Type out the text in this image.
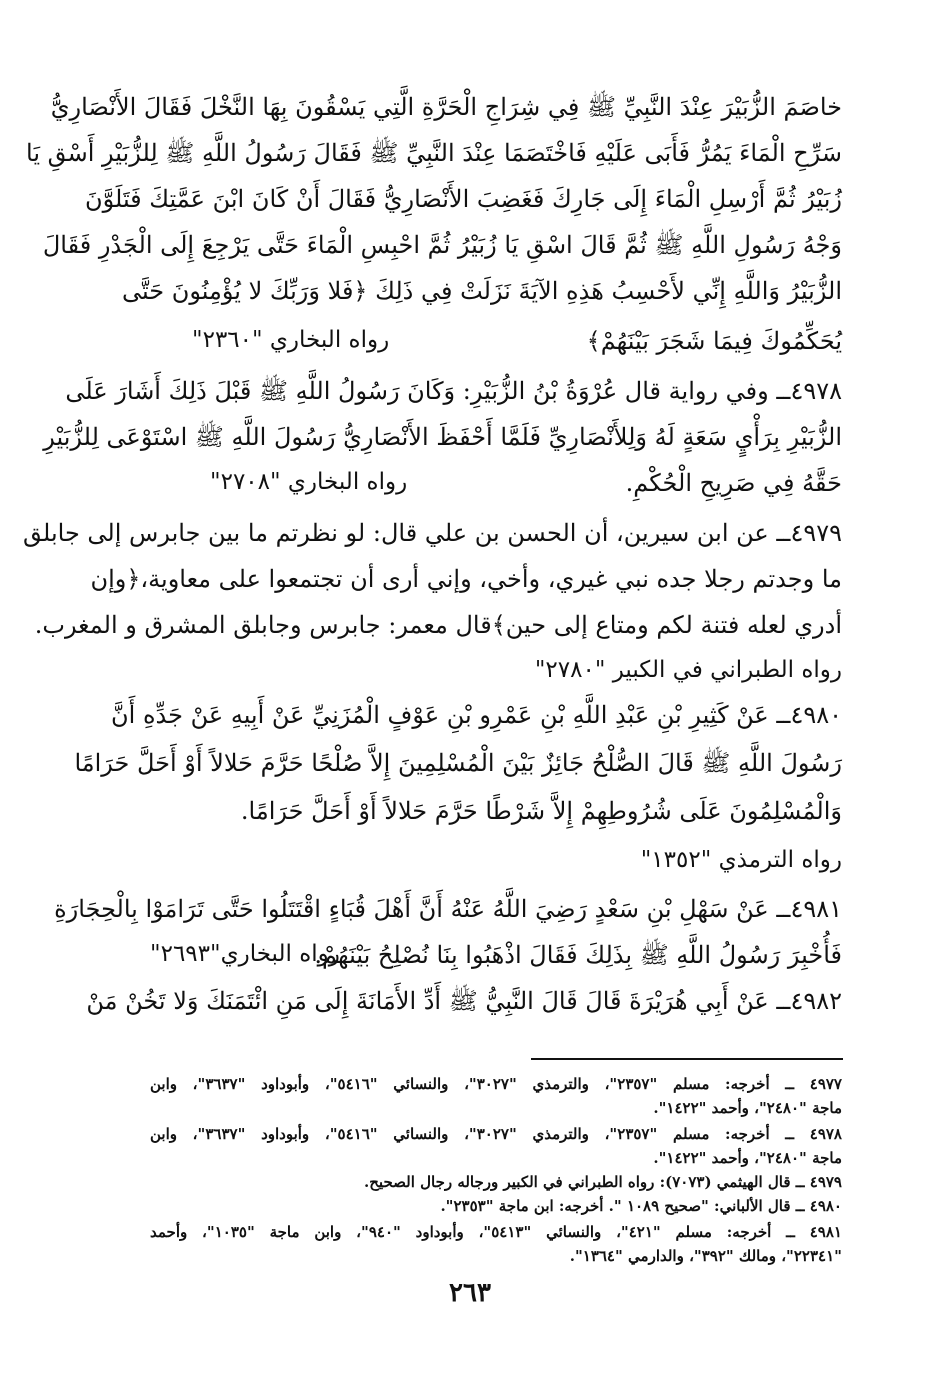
خاصَمَ الزُّبَيْرَ عِنْدَ النَّبِيِّ ﷺ فِي شِرَاجِ الْحَرَّةِ الَّتِي يَسْقُونَ بِهَا النَّخْلَ فَقَالَ الأَنْصَارِيُّ
سَرِّحِ الْمَاءَ يَمُرُّ فَأَبَى عَلَيْهِ فَاخْتَصَمَا عِنْدَ النَّبِيِّ ﷺ فَقَالَ رَسُولُ اللَّهِ ﷺ لِلزُّبَيْرِ أَسْقِ يَا
زُبَيْرُ ثُمَّ أَرْسِلِ الْمَاءَ إِلَى جَارِكَ فَغَضِبَ الأَنْصَارِيُّ فَقَالَ أَنْ كَانَ ابْنَ عَمَّتِكَ فَتَلَوَّنَ
وَجْهُ رَسُولِ اللَّهِ ﷺ ثُمَّ قَالَ اسْقِ يَا زُبَيْرُ ثُمَّ احْبِسِ الْمَاءَ حَتَّى يَرْجِعَ إِلَى الْجَدْرِ فَقَالَ
الزُّبَيْرُ وَاللَّهِ إِنِّي لأَحْسِبُ هَذِهِ الآيَةَ نَزَلَتْ فِي ذَلِكَ ﴿فَلا وَرَبِّكَ لا يُؤْمِنُونَ حَتَّى
يُحَكِّمُوكَ فِيمَا شَجَرَ بَيْنَهُمْ﴾
رواه البخاري "٢٣٦٠"
٤٩٧٨ــ وفي رواية قال عُرْوَةُ بْنُ الزُّبَيْرِ: وَكَانَ رَسُولُ اللَّهِ ﷺ قَبْلَ ذَلِكَ أَشَارَ عَلَى
الزُّبَيْرِ بِرَأْيٍ سَعَةٍ لَهُ وَلِلأَنْصَارِيِّ فَلَمَّا أَحْفَظَ الأَنْصَارِيُّ رَسُولَ اللَّهِ ﷺ اسْتَوْعَى لِلزُّبَيْرِ
حَقَّهُ فِي صَرِيحِ الْحُكْمِ.
رواه البخاري "٢٧٠٨"
٤٩٧٩ــ عن ابن سيرين، أن الحسن بن علي قال: لو نظرتم ما بين جابرس إلى جابلق
ما وجدتم رجلا جده نبي غيري، وأخي، وإني أرى أن تجتمعوا على معاوية،﴿وإن
أدري لعله فتنة لكم ومتاع إلى حين﴾قال معمر: جابرس وجابلق المشرق و المغرب.
رواه الطبراني في الكبير "٢٧٨٠"
٤٩٨٠ــ عَنْ كَثِيرِ بْنِ عَبْدِ اللَّهِ بْنِ عَمْرِو بْنِ عَوْفٍ الْمُزَنِيِّ عَنْ أَبِيهِ عَنْ جَدِّهِ أَنَّ
رَسُولَ اللَّهِ ﷺ قَالَ الصُّلْحُ جَائِزٌ بَيْنَ الْمُسْلِمِينَ إِلاَّ صُلْحًا حَرَّمَ حَلالاً أَوْ أَحَلَّ حَرَامًا
وَالْمُسْلِمُونَ عَلَى شُرُوطِهِمْ إِلاَّ شَرْطًا حَرَّمَ حَلالاً أَوْ أَحَلَّ حَرَامًا.
رواه الترمذي "١٣٥٢"
٤٩٨١ــ عَنْ سَهْلِ بْنِ سَعْدٍ رَضِيَ اللَّهُ عَنْهُ أَنَّ أَهْلَ قُبَاءٍ اقْتَتَلُوا حَتَّى تَرَامَوْا بِالْحِجَارَةِ
فَأُخْبِرَ رَسُولُ اللَّهِ ﷺ بِذَلِكَ فَقَالَ اذْهَبُوا بِنَا نُصْلِحُ بَيْنَهُمْ.
رواه البخاري"٢٦٩٣"
٤٩٨٢ــ عَنْ أَبِي هُرَيْرَةَ قَالَ قَالَ النَّبِيُّ ﷺ أَدِّ الأَمَانَةَ إِلَى مَنِ ائْتَمَنَكَ وَلا تَخُنْ مَنْ
٤٩٧٧ ــ أخرجه: مسلم "٢٣٥٧"، والترمذي "٣٠٢٧"، والنسائي "٥٤١٦"، وأبوداود "٣٦٣٧"، وابن
ماجة "٢٤٨٠"، وأحمد "١٤٢٢".
٤٩٧٨ ــ أخرجه: مسلم "٢٣٥٧"، والترمذي "٣٠٢٧"، والنسائي "٥٤١٦"، وأبوداود "٣٦٣٧"، وابن
ماجة "٢٤٨٠"، وأحمد "١٤٢٢".
٤٩٧٩ ــ قال الهيثمي (٧٠٧٣): رواه الطبراني في الكبير ورجاله رجال الصحيح.
٤٩٨٠ ــ قال الألباني: "صحيح ١٠٨٩ ". أخرجه: ابن ماجة "٢٣٥٣".
٤٩٨١ ــ أخرجه: مسلم "٤٢١"، والنسائي "٥٤١٣"، وأبوداود "٩٤٠"، وابن ماجة "١٠٣٥"، وأحمد
"٢٢٣٤١"، ومالك "٣٩٢"، والدارمي "١٣٦٤".
٢٦٣
